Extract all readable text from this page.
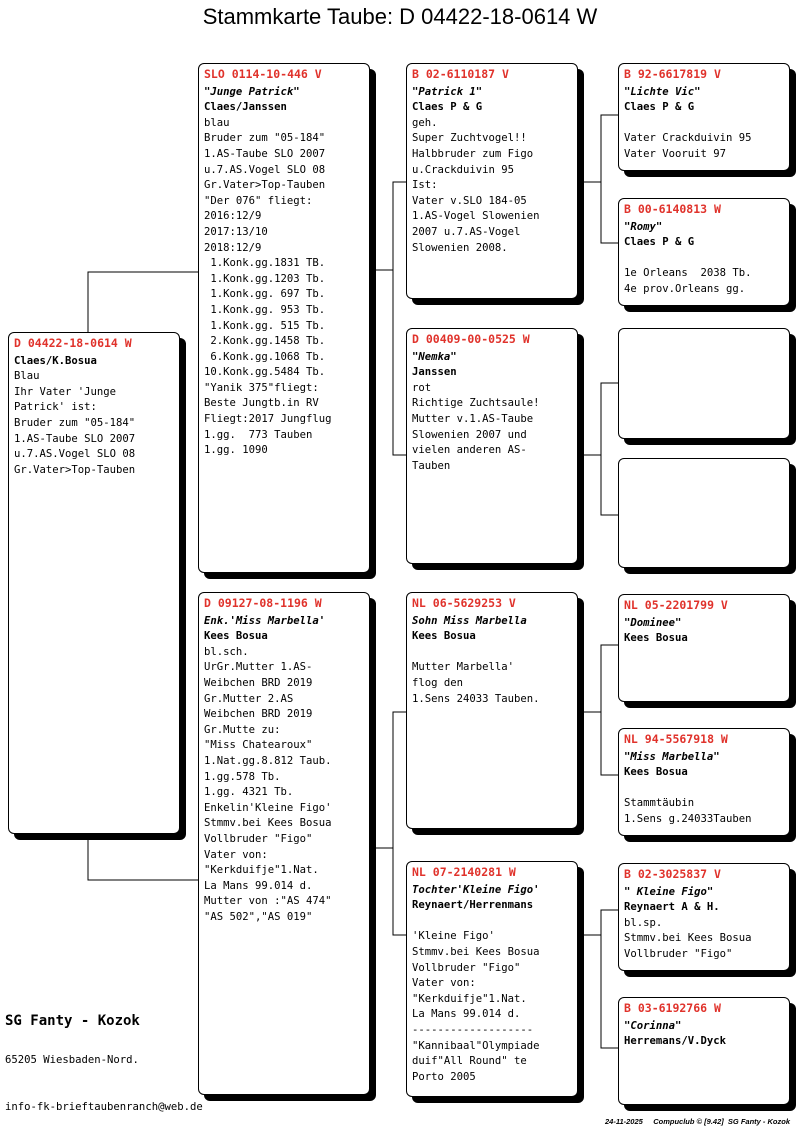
Stammkarte Taube: D 04422-18-0614 W
D 04422-18-0614 W
Claes/K.Bosua
Blau
Ihr Vater 'Junge
Patrick' ist:
Bruder zum "05-184"
1.AS-Taube SLO 2007
u.7.AS.Vogel SLO 08
Gr.Vater>Top-Tauben
SLO 0114-10-446 V
"Junge Patrick"
Claes/Janssen
blau
Bruder zum "05-184"
1.AS-Taube SLO 2007
u.7.AS.Vogel SLO 08
Gr.Vater>Top-Tauben
"Der 076" fliegt:
2016:12/9
2017:13/10
2018:12/9
1.Konk.gg.1831 TB.
1.Konk.gg.1203 Tb.
1.Konk.gg. 697 Tb.
1.Konk.gg. 953 Tb.
1.Konk.gg. 515 Tb.
2.Konk.gg.1458 Tb.
6.Konk.gg.1068 Tb.
10.Konk.gg.5484 Tb.
"Yanik 375"fliegt:
Beste Jungtb.in RV
Fliegt:2017 Jungflug
1.gg.  773 Tauben
1.gg. 1090
D 09127-08-1196 W
Enk.'Miss Marbella'
Kees Bosua
bl.sch.
UrGr.Mutter 1.AS-
Weibchen BRD 2019
Gr.Mutter 2.AS
Weibchen BRD 2019
Gr.Mutte zu:
"Miss Chatearoux"
1.Nat.gg.8.812 Taub.
1.gg.578 Tb.
1.gg. 4321 Tb.
Enkelin'Kleine Figo'
Stmmv.bei Kees Bosua
Vollbruder "Figo"
Vater von:
"Kerkduifje"1.Nat.
La Mans 99.014 d.
Mutter von :"AS 474"
"AS 502","AS 019"
B 02-6110187 V
"Patrick 1"
Claes P & G
geh.
Super Zuchtvogel!!
Halbbruder zum Figo
u.Crackduivin 95
Ist:
Vater v.SLO 184-05
1.AS-Vogel Slowenien
2007 u.7.AS-Vogel
Slowenien 2008.
D 00409-00-0525 W
"Nemka"
Janssen
rot
Richtige Zuchtsaule!
Mutter v.1.AS-Taube
Slowenien 2007 und
vielen anderen AS-
Tauben
NL 06-5629253 V
Sohn Miss Marbella
Kees Bosua

Mutter Marbella'
flog den
1.Sens 24033 Tauben.
NL 07-2140281 W
Tochter'Kleine Figo'
Reynaert/Herrenmans

'Kleine Figo'
Stmmv.bei Kees Bosua
Vollbruder "Figo"
Vater von:
"Kerkduifje"1.Nat.
La Mans 99.014 d.
-------------------
"Kannibaal"Olympiade
duif"All Round" te
Porto 2005
B 92-6617819 V
"Lichte Vic"
Claes P & G

Vater Crackduivin 95
Vater Vooruit 97
B 00-6140813 W
"Romy"
Claes P & G

1e Orleans  2038 Tb.
4e prov.Orleans gg.
NL 05-2201799 V
"Dominee"
Kees Bosua
NL 94-5567918 W
"Miss Marbella"
Kees Bosua

Stammtäubin
1.Sens g.24033Tauben
B 02-3025837 V
" Kleine Figo"
Reynaert A & H.
bl.sp.
Stmmv.bei Kees Bosua
Vollbruder "Figo"
B 03-6192766 W
"Corinna"
Herremans/V.Dyck
SG Fanty - Kozok
65205 Wiesbaden-Nord.
info-fk-brieftaubenranch@web.de
24-11-2025     Compuclub © [9.42]  SG Fanty - Kozok
